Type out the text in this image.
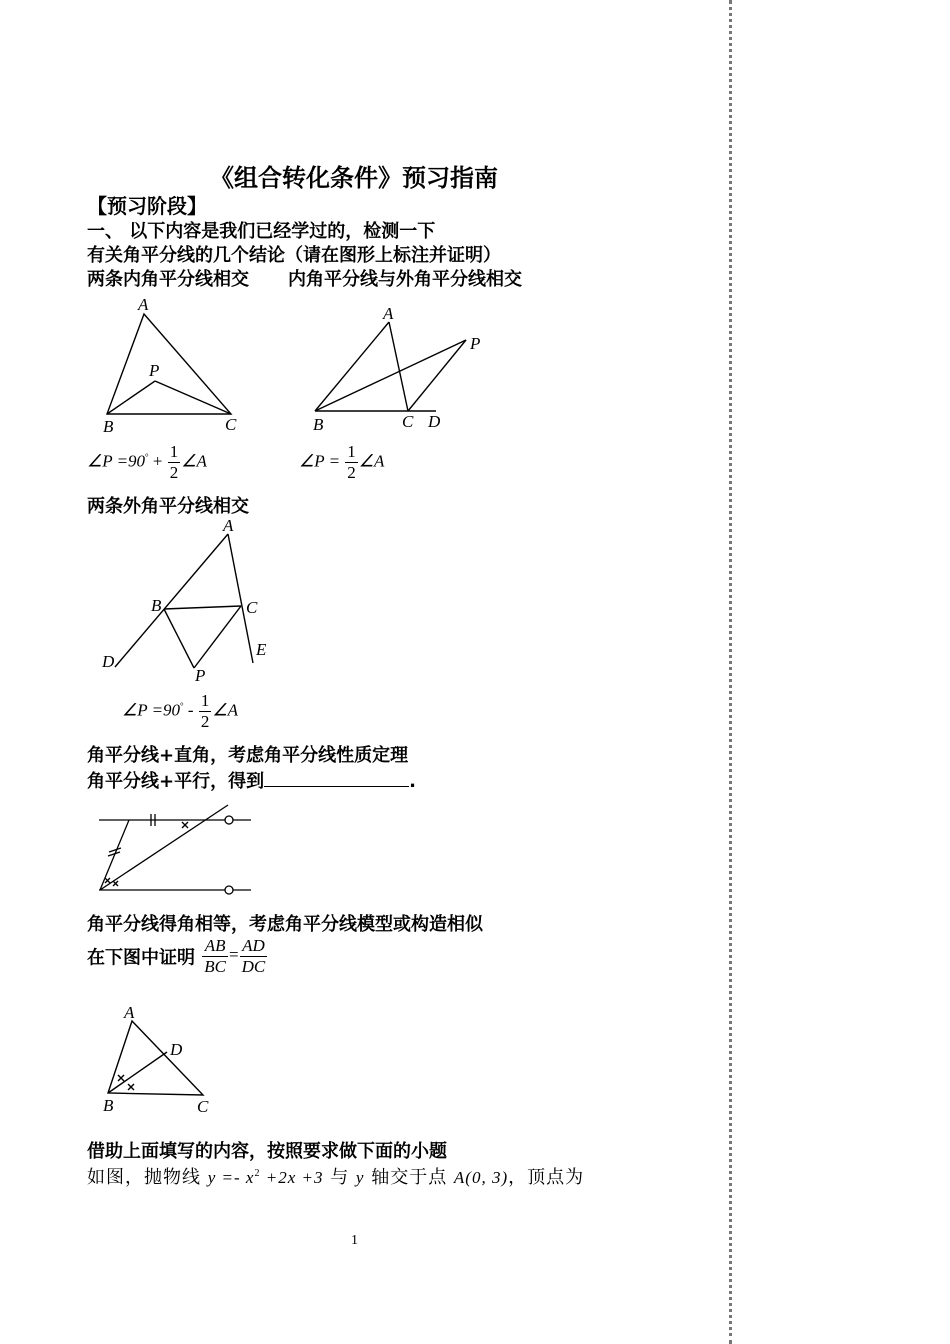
《组合转化条件》预习指南
【预习阶段】
一、 以下内容是我们已经学过的，检测一下
有关角平分线的几个结论（请在图形上标注并证明）
两条内角平分线相交 内角平分线与外角平分线相交
A
P
B	C
A
P
B	C D
∠P $=90^\circ + \frac{1}{2}$ ∠A	∠P = $\frac{1}{2}$ ∠A
两条外角平分线相交
A
B	C
D
E
P
∠P $=90^\circ - \frac{1}{2}$ ∠A
角平分线+直角，考虑角平分线性质定理
角平分线+平行，得到	.
角平分线得角相等，考虑角平分线模型或构造相似
在下图中证明 $\frac{AB}{BC} = \frac{AD}{DC}$
A
D
B	C
借助上面填写的内容，按照要求做下面的小题
如图，抛物线 $y =- x^2 +2x +3$ 与 y 轴交于点 A(0, 3)，顶点为
1
